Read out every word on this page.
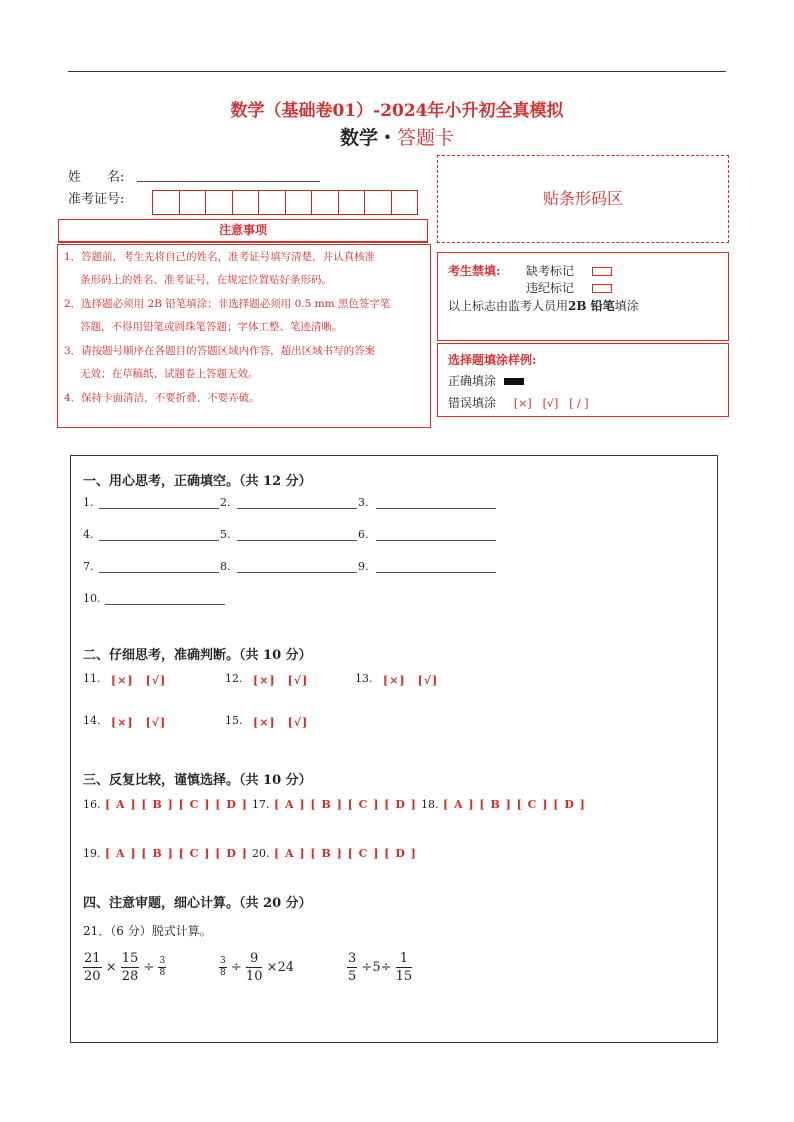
数学（基础卷01）-2024年小升初全真模拟
数学・答题卡
姓　　名:
准考证号:
注意事项
1．答题前，考生先将自己的姓名，准考证号填写清楚，并认真核准
条形码上的姓名、准考证号，在规定位置贴好条形码。
2．选择题必须用 2B 铅笔填涂；非选择题必须用 0.5 mm 黑色签字笔
答题，不得用铅笔或圆珠笔答题；字体工整、笔迹清晰。
3．请按题号顺序在各题目的答题区域内作答，超出区域书写的答案
无效；在草稿纸、试题卷上答题无效。
4．保持卡面清洁，不要折叠、不要弄破。
贴条形码区
考生禁填: 缺考标记
违纪标记
以上标志由监考人员用2B 铅笔填涂
选择题填涂样例:
正确填涂
错误填涂 [×]　[√]　[ / ]
一、用心思考，正确填空。（共 12 分）
1.	2.	3.
4.	5.	6.
7.	8.	9.
10.
二、仔细思考，准确判断。（共 10 分）
11. [×]　[√]	12. [×]　[√]	13. [×]　[√]
14. [×]　[√]	15. [×]　[√]
三、反复比较，谨慎选择。（共 10 分）
16. [ A ] [ B ] [ C ] [ D ] 17. [ A ] [ B ] [ C ] [ D ] 18. [ A ] [ B ] [ C ] [ D ]
19. [ A ] [ B ] [ C ] [ D ] 20. [ A ] [ B ] [ C ] [ D ]
四、注意审题，细心计算。（共 20 分）
21．（6 分）脱式计算。
$\frac{21}{20} \times \frac{15}{28} \div \frac{3}{8}$	$\frac{3}{8} \div \frac{9}{10} \times 24$	$\frac{3}{5} \div 5\div \frac{1}{15}$
